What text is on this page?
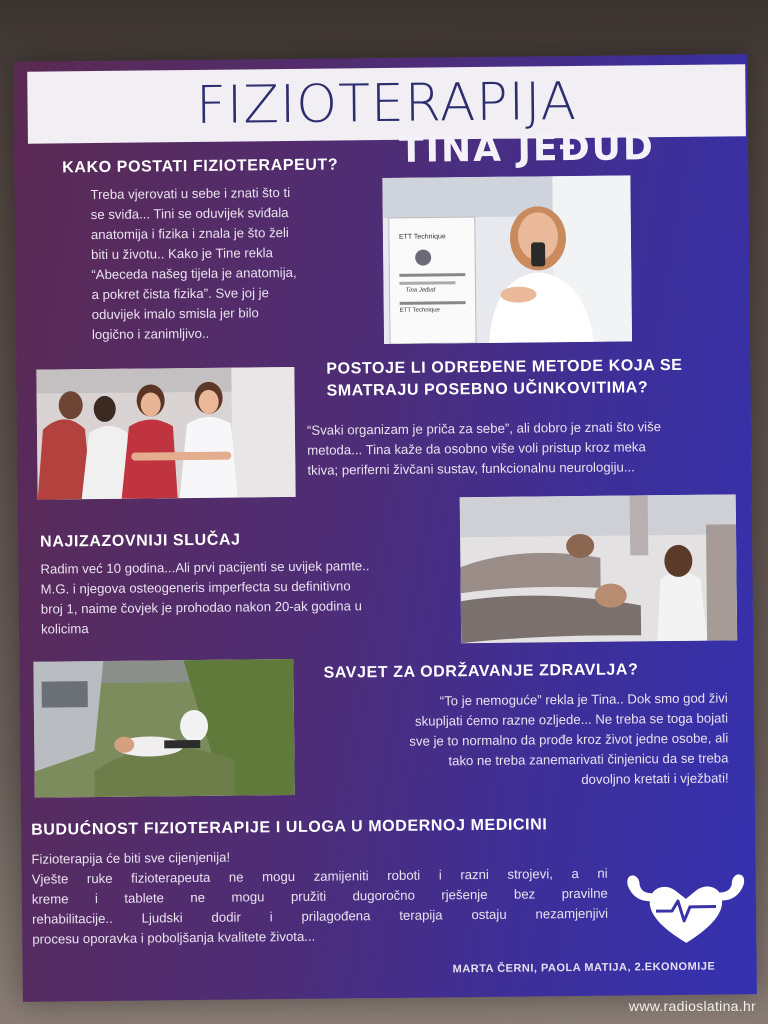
FIZIOTERAPIJA
TINA JEĐUD
KAKO POSTATI FIZIOTERAPEUT?
Treba vjerovati u sebe i znati što ti
se sviđa... Tini se oduvijek sviđala
anatomija i fizika i znala je što želi
biti u životu.. Kako je Tine rekla
“Abeceda našeg tijela je anatomija,
a pokret čista fizika”. Sve joj je
oduvijek imalo smisla jer bilo
logično i zanimljivo..
ETT Technique
Tina Jeđud
ETT Technique
POSTOJE LI ODREĐENE METODE KOJA SE
SMATRAJU POSEBNO UČINKOVITIMA?
“Svaki organizam je priča za sebe”, ali dobro je znati što više
metoda... Tina kaže da osobno više voli pristup kroz meka
tkiva; periferni živčani sustav, funkcionalnu neurologiju...
NAJIZAZOVNIJI SLUČAJ
Radim već 10 godina...Ali prvi pacijenti se uvijek pamte..
M.G. i njegova osteogeneris imperfecta su definitivno
broj 1, naime čovjek je prohodao nakon 20-ak godina u
kolicima
SAVJET ZA ODRŽAVANJE ZDRAVLJA?
“To je nemoguće” rekla je Tina.. Dok smo god živi
skupljati ćemo razne ozljede... Ne treba se toga bojati
sve je to normalno da prođe kroz život jedne osobe, ali
tako ne treba zanemarivati činjenicu da se treba
dovoljno kretati i vježbati!
BUDUĆNOST FIZIOTERAPIJE I ULOGA U MODERNOJ MEDICINI
Fizioterapija će biti sve cijenjenija!
Vješte ruke fizioterapeuta ne mogu zamijeniti roboti i razni strojevi, a ni
kreme i tablete ne mogu pružiti dugoročno rješenje bez pravilne
rehabilitacije.. Ljudski dodir i prilagođena terapija ostaju nezamjenjivi
procesu oporavka i poboljšanja kvalitete života...
MARTA ČERNI, PAOLA MATIJA, 2.EKONOMIJE
www.radioslatina.hr
